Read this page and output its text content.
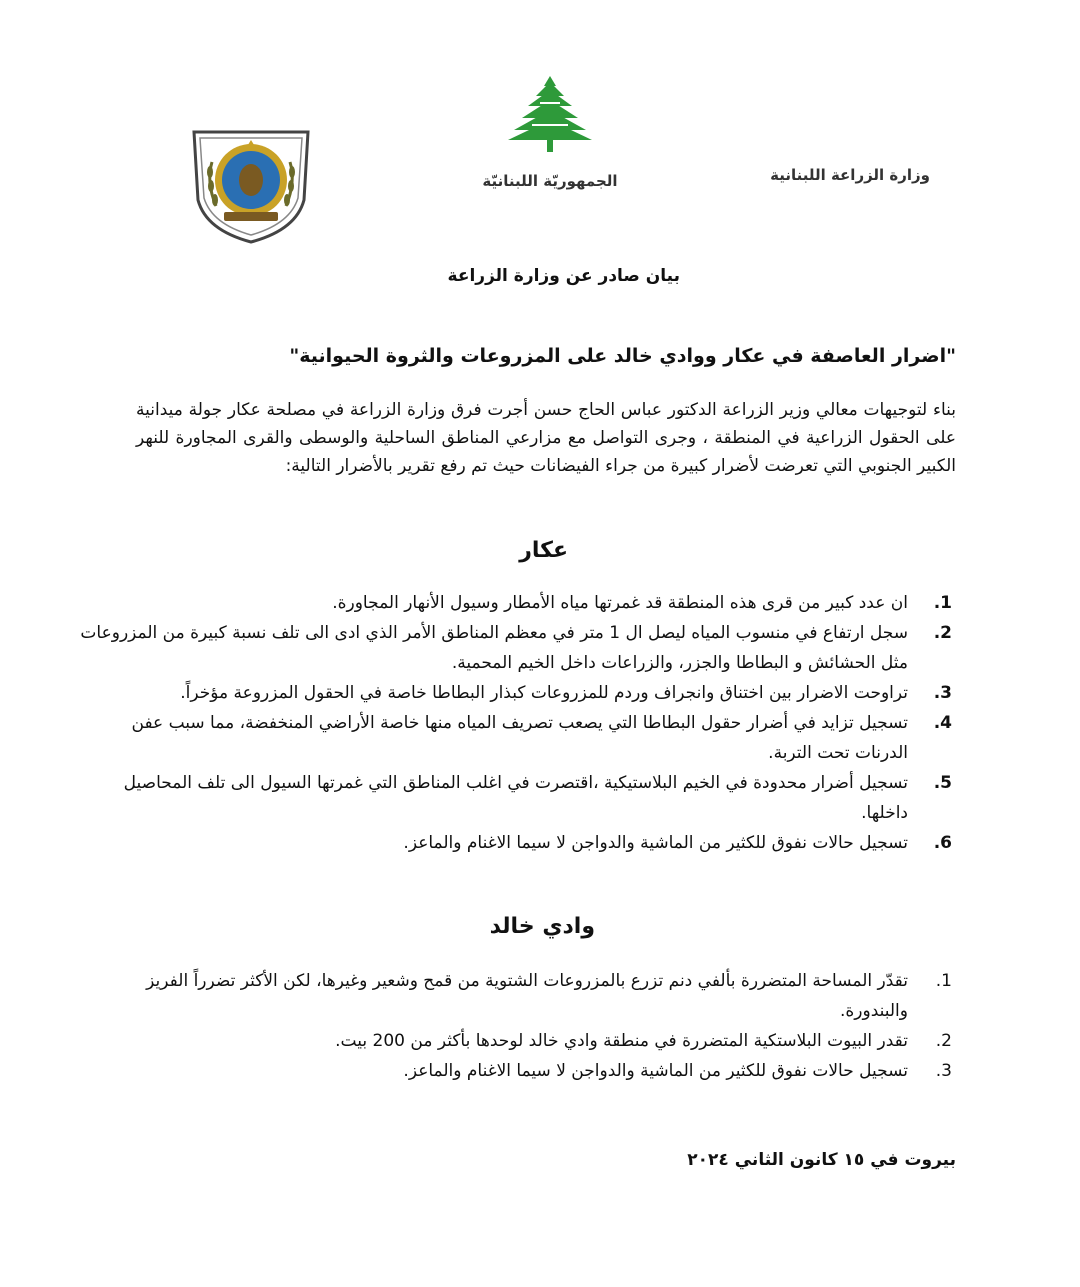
وزارة الزراعة اللبنانية
الجمهوريّة اللبنانيّة
بيان صادر عن وزارة الزراعة
"اضرار العاصفة في عكار ووادي خالد على المزروعات والثروة الحيوانية"

بناء لتوجيهات معالي وزير الزراعة الدكتور عباس الحاج حسن أجرت فرق وزارة الزراعة في مصلحة عكار جولة ميدانية على الحقول الزراعية في المنطقة ، وجرى التواصل مع مزارعي المناطق الساحلية والوسطى والقرى المجاورة للنهر الكبير الجنوبي التي تعرضت لأضرار كبيرة من جراء الفيضانات حيث تم رفع تقرير بالأضرار التالية:

عكار
1.
ان عدد كبير من قرى هذه المنطقة قد غمرتها مياه الأمطار وسيول الأنهار المجاورة.
2.
سجل ارتفاع في منسوب المياه ليصل ال 1 متر في معظم المناطق الأمر الذي ادى الى تلف نسبة كبيرة من المزروعات مثل الحشائش و البطاطا والجزر، والزراعات داخل الخيم المحمية.
3.
تراوحت الاضرار بين اختناق وانجراف وردم للمزروعات كبذار البطاطا خاصة في الحقول المزروعة مؤخراً.
4.
تسجيل تزايد في أضرار حقول البطاطا التي يصعب تصريف المياه منها خاصة الأراضي المنخفضة، مما سبب عفن الدرنات تحت التربة.
5.
تسجيل أضرار محدودة في الخيم البلاستيكية ،اقتصرت في اغلب المناطق التي غمرتها السيول الى تلف المحاصيل داخلها.
6.
تسجيل حالات نفوق للكثير من الماشية والدواجن لا سيما الاغنام والماعز.
وادي خالد
1.
تقدّر المساحة المتضررة بألفي دنم تزرع بالمزروعات الشتوية من قمح وشعير وغيرها، لكن الأكثر تضرراً الفريز والبندورة.
2.
تقدر البيوت البلاستكية المتضررة في منطقة وادي خالد لوحدها بأكثر من 200 بيت.
3.
تسجيل حالات نفوق للكثير من الماشية والدواجن لا سيما الاغنام والماعز.
بيروت في ١٥ كانون الثاني ٢٠٢٤
